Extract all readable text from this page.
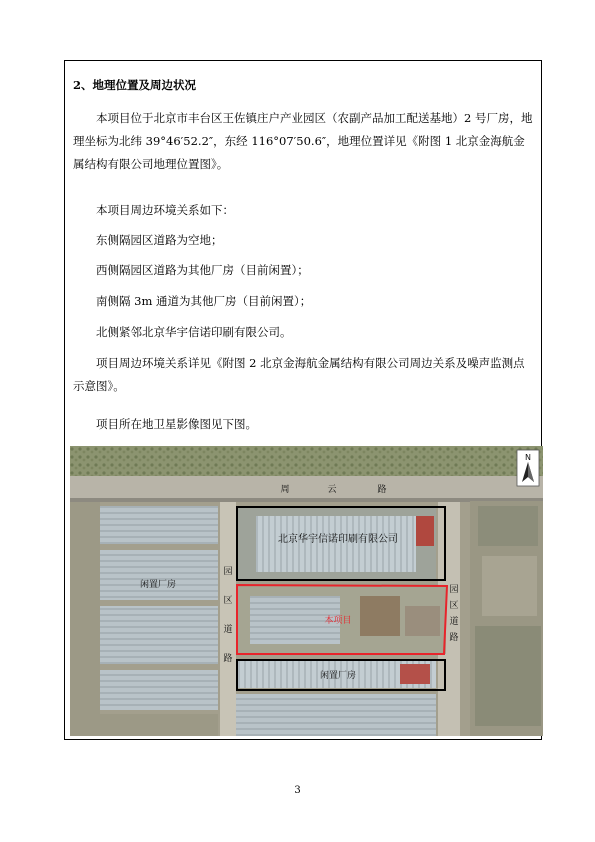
2、地理位置及周边状况

本项目位于北京市丰台区王佐镇庄户产业园区（农副产品加工配送基地）2 号厂房，地理坐标为北纬 39°46′52.2″，东经 116°07′50.6″，地理位置详见《附图 1 北京金海航金属结构有限公司地理位置图》。

本项目周边环境关系如下：

东侧隔园区道路为空地；

西侧隔园区道路为其他厂房（目前闲置）；

南侧隔 3m 通道为其他厂房（目前闲置）；

北侧紧邻北京华宇信诺印刷有限公司。

项目周边环境关系详见《附图 2 北京金海航金属结构有限公司周边关系及噪声监测点示意图》。

项目所在地卫星影像图见下图。

周	云	路
园
区
道
路
园
区
道
路
北京华宇信诺印刷有限公司
闲置厂房
本项目
闲置厂房
N
3
